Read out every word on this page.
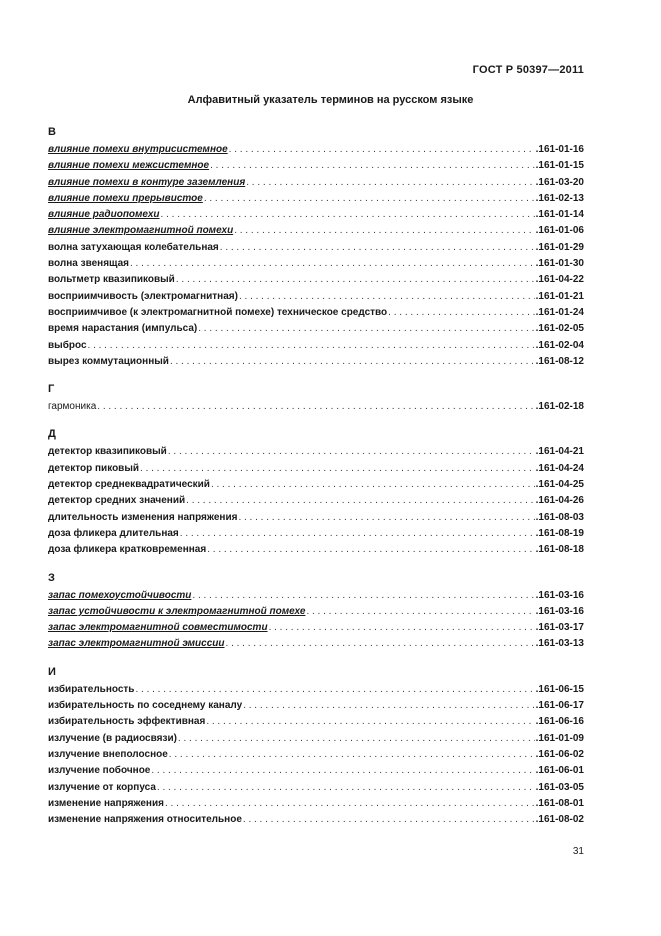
ГОСТ Р 50397—2011
Алфавитный указатель терминов на русском языке
В
влияние помехи внутрисистемное . . .	.161-01-16
влияние помехи межсистемное . . .	.161-01-15
влияние помехи в контуре заземления . . .	.161-03-20
влияние помехи прерывистое . . .	.161-02-13
влияние радиопомехи . . .	.161-01-14
влияние электромагнитной помехи . . .	.161-01-06
волна затухающая колебательная . . .	.161-01-29
волна звенящая . . .	.161-01-30
вольтметр квазипиковый . . .	.161-04-22
восприимчивость (электромагнитная) . . .	.161-01-21
восприимчивое (к электромагнитной помехе) техническое средство . . .	.161-01-24
время нарастания (импульса) . . .	.161-02-05
выброс . . .	.161-02-04
вырез коммутационный . . .	.161-08-12
Г
гармоника . . .	.161-02-18
Д
детектор квазипиковый . . .	.161-04-21
детектор пиковый . . .	.161-04-24
детектор среднеквадратический . . .	.161-04-25
детектор средних значений . . .	.161-04-26
длительность изменения напряжения . . .	.161-08-03
доза фликера длительная . . .	.161-08-19
доза фликера кратковременная . . .	.161-08-18
З
запас помехоустойчивости . . .	.161-03-16
запас устойчивости к электромагнитной помехе . . .	.161-03-16
запас электромагнитной совместимости . . .	.161-03-17
запас электромагнитной эмиссии . . .	.161-03-13
И
избирательность . . .	.161-06-15
избирательность по соседнему каналу . . .	.161-06-17
избирательность эффективная . . .	.161-06-16
излучение (в радиосвязи) . . .	.161-01-09
излучение внеполосное . . .	.161-06-02
излучение побочное . . .	.161-06-01
излучение от корпуса . . .	.161-03-05
изменение напряжения . . .	.161-08-01
изменение напряжения относительное . . .	.161-08-02
31
